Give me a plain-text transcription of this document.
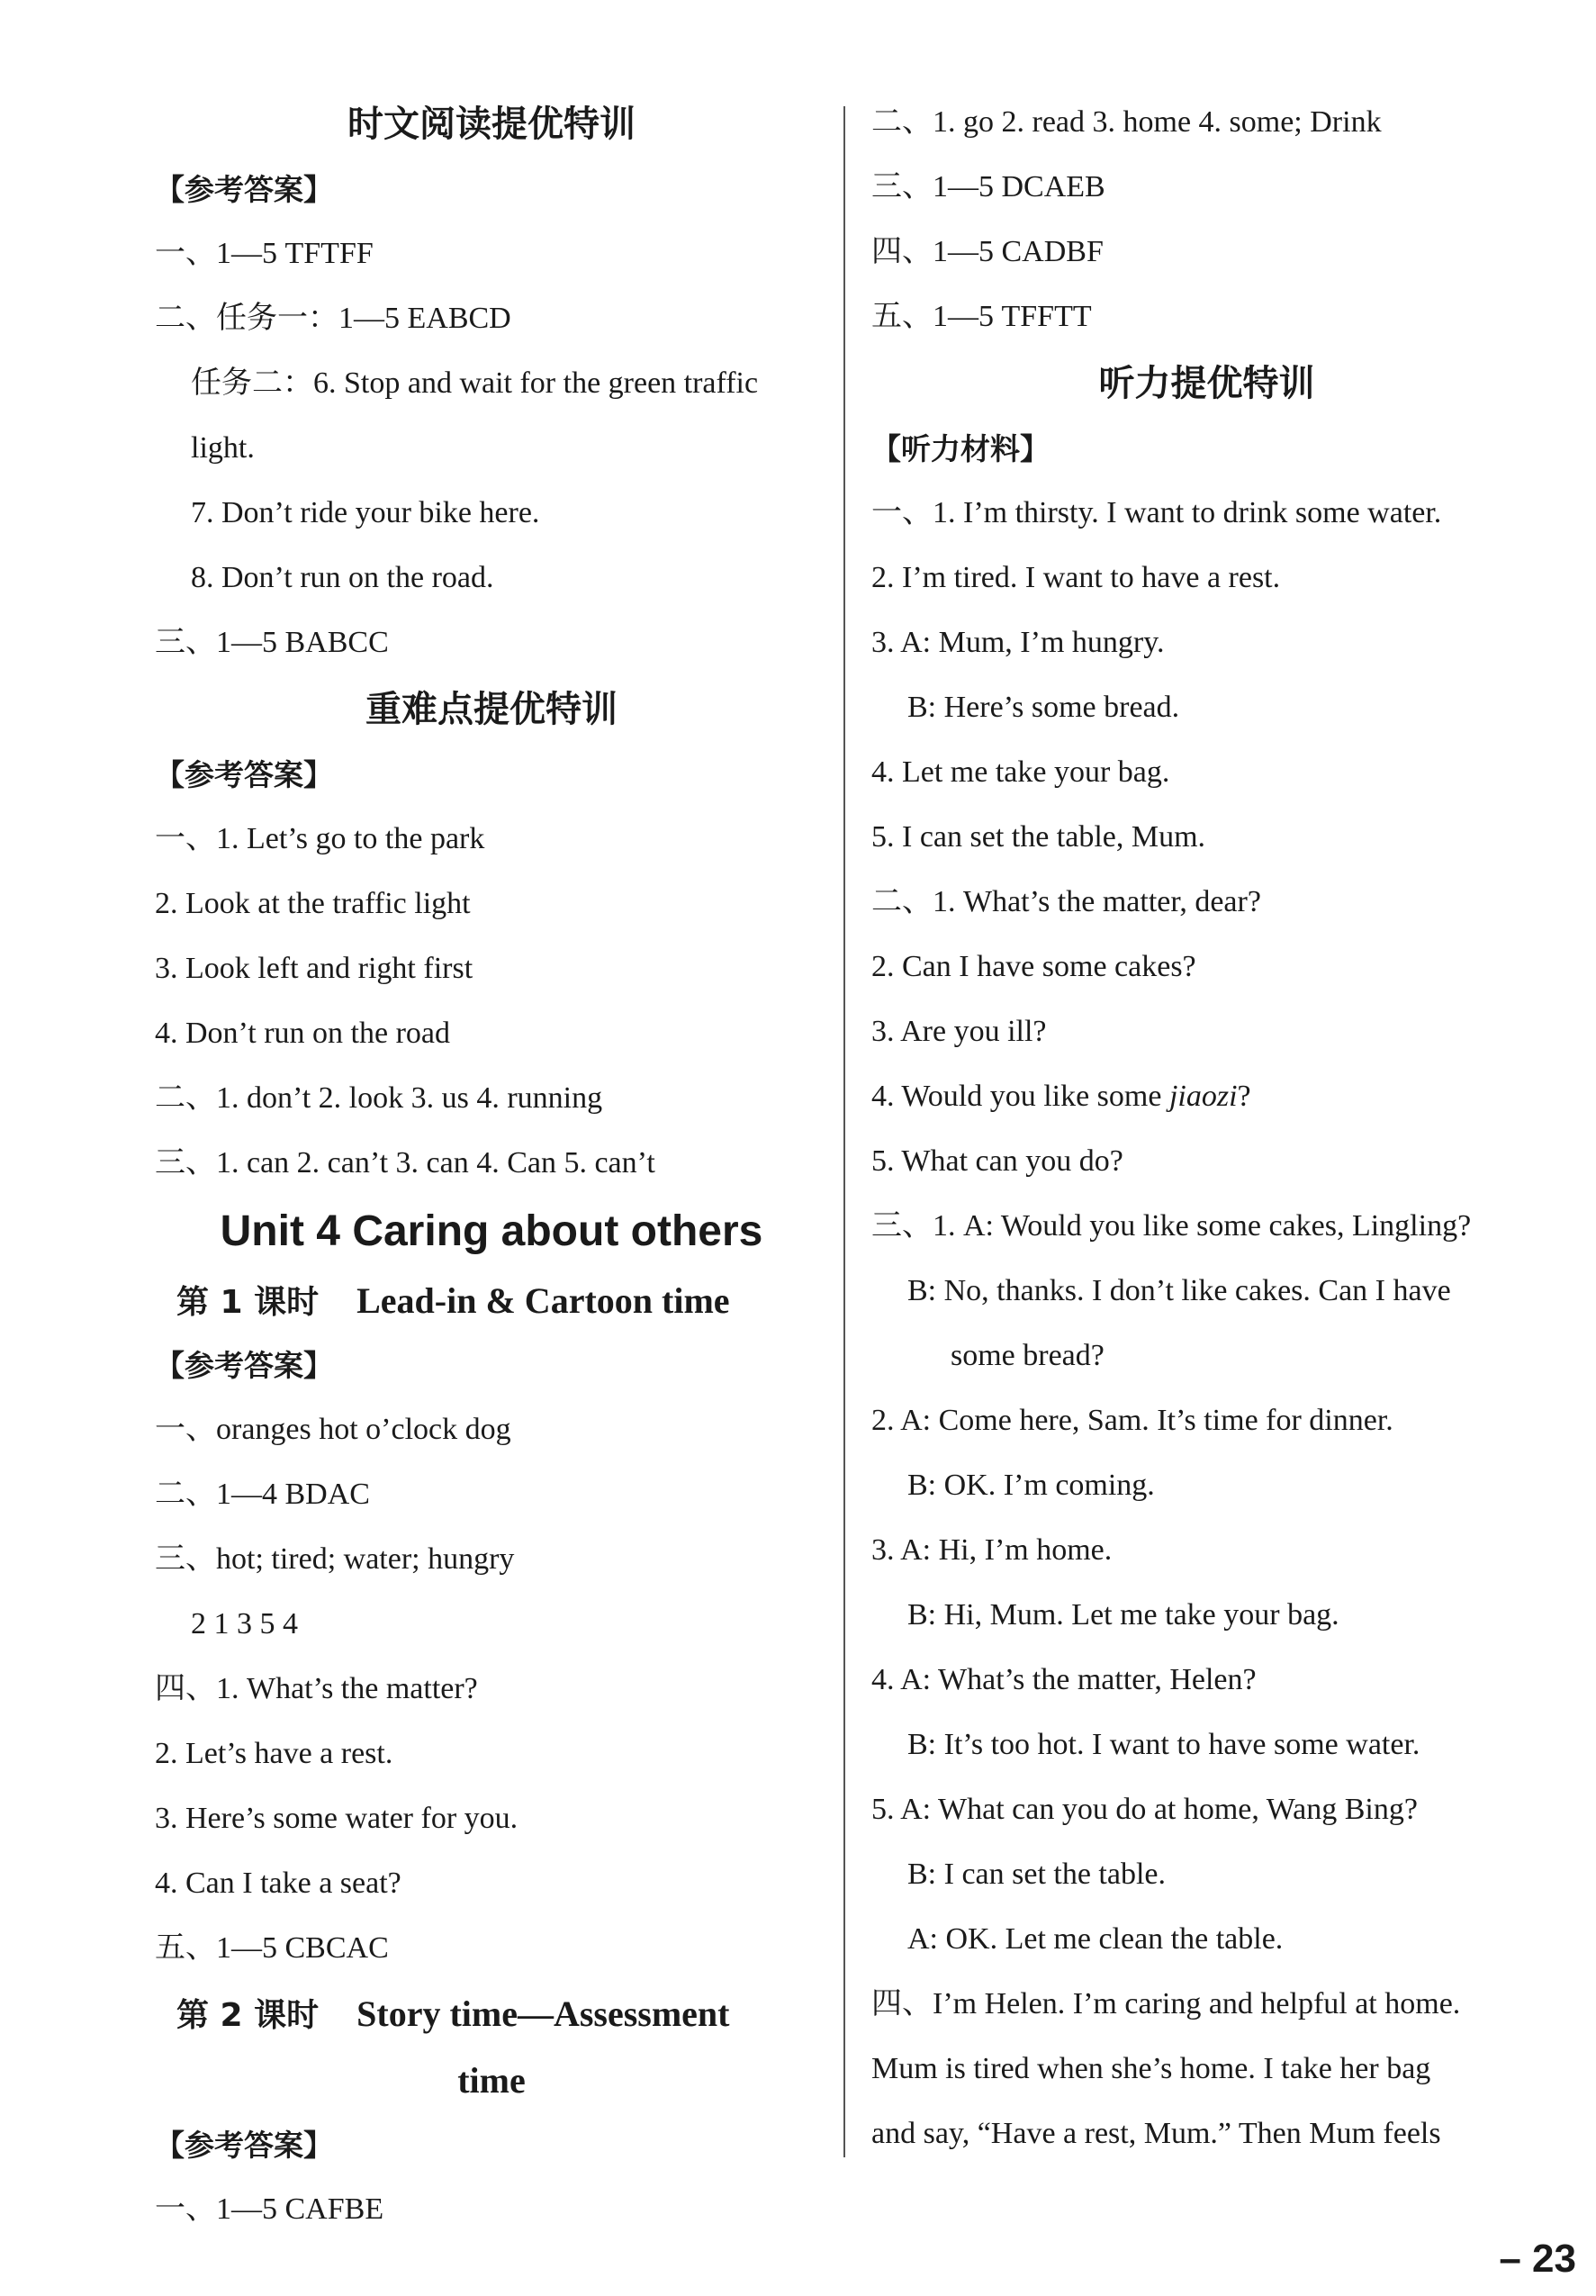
时文阅读提优特训
【参考答案】
一、1—5 TFTFF
二、任务一：1—5 EABCD
任务二：6. Stop and wait for the green traffic
light.
7. Don’t ride your bike here.
8. Don’t run on the road.
三、1—5 BABCC
重难点提优特训
【参考答案】
一、1. Let’s go to the park
2. Look at the traffic light
3. Look left and right first
4. Don’t run on the road
二、1. don’t 2. look 3. us 4. running
三、1. can 2. can’t 3. can 4. Can 5. can’t
Unit 4 Caring about others
第 1 课时 Lead-in & Cartoon time
【参考答案】
一、oranges hot o’clock dog
二、1—4 BDAC
三、hot; tired; water; hungry
2 1 3 5 4
四、1. What’s the matter?
2. Let’s have a rest.
3. Here’s some water for you.
4. Can I take a seat?
五、1—5 CBCAC
第 2 课时 Story time—Assessment
time
【参考答案】
一、1—5 CAFBE
二、1. go 2. read 3. home 4. some; Drink
三、1—5 DCAEB
四、1—5 CADBF
五、1—5 TFFTT
听力提优特训
【听力材料】
一、1. I’m thirsty. I want to drink some water.
2. I’m tired. I want to have a rest.
3. A: Mum, I’m hungry.
B: Here’s some bread.
4. Let me take your bag.
5. I can set the table, Mum.
二、1. What’s the matter, dear?
2. Can I have some cakes?
3. Are you ill?
4. Would you like some jiaozi?
5. What can you do?
三、1. A: Would you like some cakes, Lingling?
B: No, thanks. I don’t like cakes. Can I have
some bread?
2. A: Come here, Sam. It’s time for dinner.
B: OK. I’m coming.
3. A: Hi, I’m home.
B: Hi, Mum. Let me take your bag.
4. A: What’s the matter, Helen?
B: It’s too hot. I want to have some water.
5. A: What can you do at home, Wang Bing?
B: I can set the table.
A: OK. Let me clean the table.
四、I’m Helen. I’m caring and helpful at home.
Mum is tired when she’s home. I take her bag
and say, “Have a rest, Mum.” Then Mum feels
– 23
